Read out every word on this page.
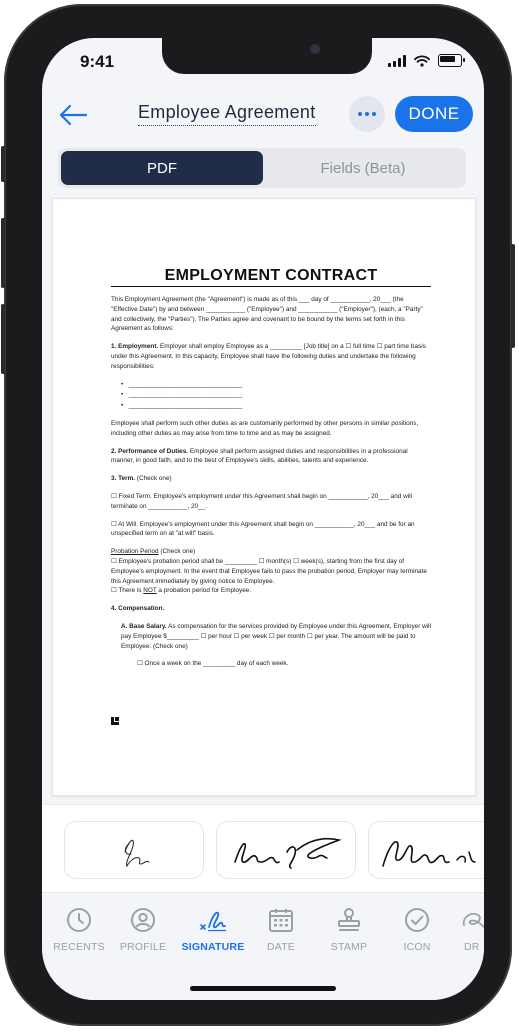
9:41
Employee Agreement	DONE
PDF	Fields (Beta)
EMPLOYMENT CONTRACT

This Employment Agreement (the "Agreement") is made as of this ___ day of ___________, 20___ (the "Effective Date") by and between ___________ ("Employee") and ___________ ("Employer"), (each, a "Party" and collectively, the "Parties"). The Parties agree and covenant to be bound by the terms set forth in this Agreement as follows:

1. Employment. Employer shall employ Employee as a _________ [Job title] on a ☐ full time ☐ part time basis under this Agreement. In this capacity, Employee shall have the following duties and undertake the following responsibilities:

•   ________________________________
•   ________________________________
•   ________________________________

Employee shall perform such other duties as are customarily performed by other persons in similar positions, including other duties as may arise from time to time and as may be assigned.

2. Performance of Duties. Employee shall perform assigned duties and responsibilities in a professional manner, in good faith, and to the best of Employee's skills, abilities, talents and experience.

3. Term. (Check one)

☐ Fixed Term. Employee's employment under this Agreement shall begin on ___________, 20___ and will terminate on ___________, 20__.

☐ At Will. Employee's employment under this Agreement shall begin on ___________, 20___ and be for an unspecified term on at "at will" basis.

Probation Period (Check one)
☐ Employee's probation period shall be _________ ☐ month(s) ☐ week(s), starting from the first day of Employee's employment. In the event that Employee fails to pass the probation period, Employer may terminate this Agreement immediately by giving notice to Employee.

☐ There is NOT a probation period for Employee.

4. Compensation.

A. Base Salary. As compensation for the services provided by Employee under this Agreement, Employer will pay Employee $_________ ☐ per hour ☐ per week ☐ per month ☐ per year. The amount will be paid to Employee: (Check one)

☐ Once a week on the _________ day of each week.

RECENTS	PROFILE	SIGNATURE	DATE	STAMP	ICON	DR
